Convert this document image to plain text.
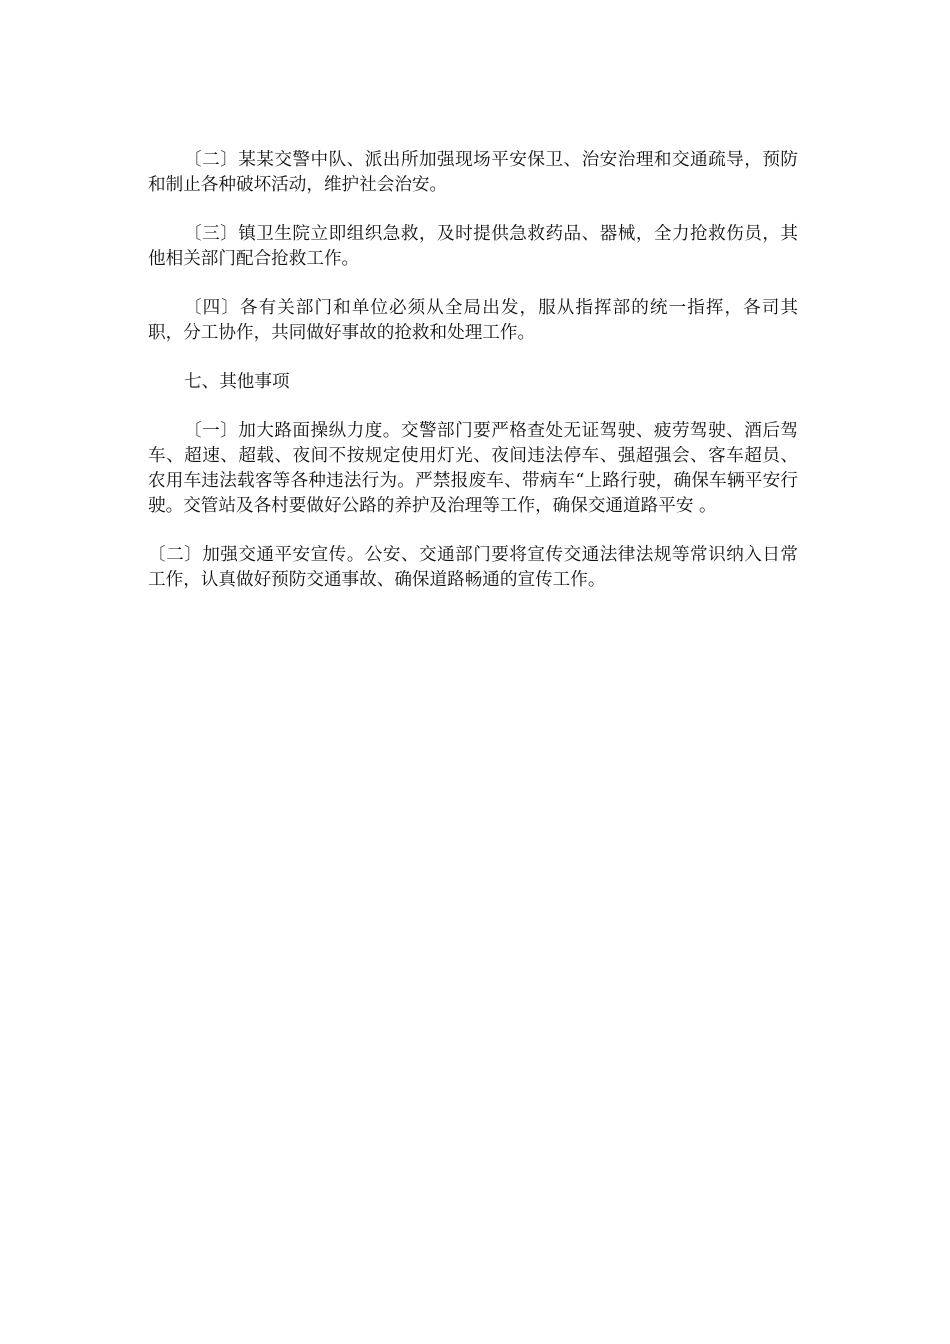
〔二〕某某交警中队、派出所加强现场平安保卫、治安治理和交通疏导，预防和制止各种破坏活动，维护社会治安。

〔三〕镇卫生院立即组织急救，及时提供急救药品、器械，全力抢救伤员，其他相关部门配合抢救工作。

〔四〕各有关部门和单位必须从全局出发，服从指挥部的统一指挥，各司其职，分工协作，共同做好事故的抢救和处理工作。

七、其他事项

〔一〕加大路面操纵力度。交警部门要严格查处无证驾驶、疲劳驾驶、酒后驾车、超速、超载、夜间不按规定使用灯光、夜间违法停车、强超强会、客车超员、农用车违法载客等各种违法行为。严禁报废车、带病车“上路行驶，确保车辆平安行驶。交管站及各村要做好公路的养护及治理等工作，确保交通道路平安 。

〔二〕加强交通平安宣传。公安、交通部门要将宣传交通法律法规等常识纳入日常工作，认真做好预防交通事故、确保道路畅通的宣传工作。
